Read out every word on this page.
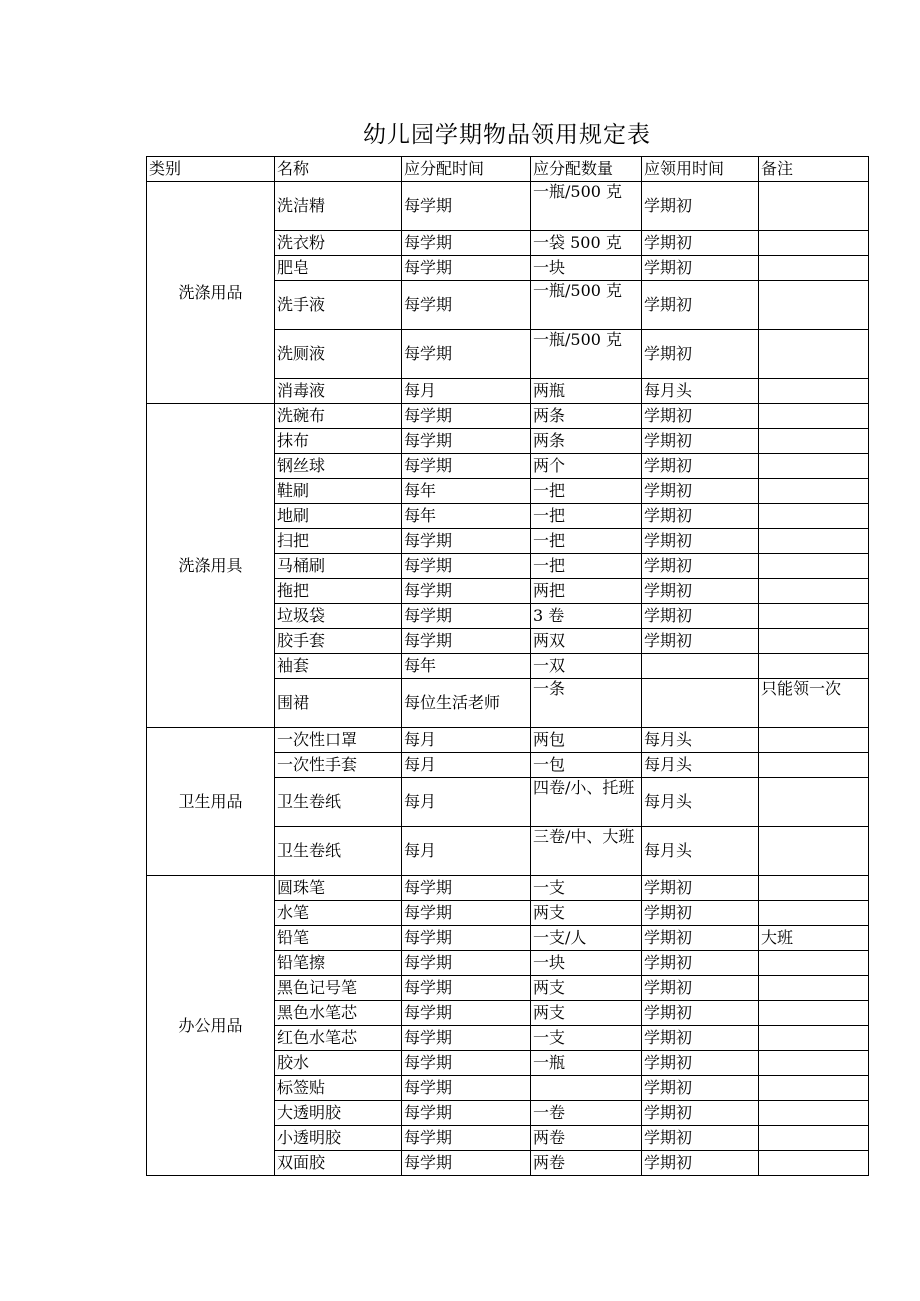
幼儿园学期物品领用规定表
类别	名称	应分配时间	应分配数量	应领用时间	备注
洗涤用品	洗洁精	每学期	一瓶/500 克	学期初	
	洗衣粉	每学期	一袋 500 克	学期初	
	肥皂	每学期	一块	学期初	
	洗手液	每学期	一瓶/500 克	学期初	
	洗厕液	每学期	一瓶/500 克	学期初	
	消毒液	每月	两瓶	每月头	
洗涤用具	洗碗布	每学期	两条	学期初	
	抹布	每学期	两条	学期初	
	钢丝球	每学期	两个	学期初	
	鞋刷	每年	一把	学期初	
	地刷	每年	一把	学期初	
	扫把	每学期	一把	学期初	
	马桶刷	每学期	一把	学期初	
	拖把	每学期	两把	学期初	
	垃圾袋	每学期	3 卷	学期初	
	胶手套	每学期	两双	学期初	
	袖套	每年	一双		
	围裙	每位生活老师	一条		只能领一次
卫生用品	一次性口罩	每月	两包	每月头	
	一次性手套	每月	一包	每月头	
	卫生卷纸	每月	四卷/小、托班	每月头	
	卫生卷纸	每月	三卷/中、大班	每月头	
办公用品	圆珠笔	每学期	一支	学期初	
	水笔	每学期	两支	学期初	
	铅笔	每学期	一支/人	学期初	大班
	铅笔擦	每学期	一块	学期初	
	黑色记号笔	每学期	两支	学期初	
	黑色水笔芯	每学期	两支	学期初	
	红色水笔芯	每学期	一支	学期初	
	胶水	每学期	一瓶	学期初	
	标签贴	每学期		学期初	
	大透明胶	每学期	一卷	学期初	
	小透明胶	每学期	两卷	学期初	
	双面胶	每学期	两卷	学期初	
